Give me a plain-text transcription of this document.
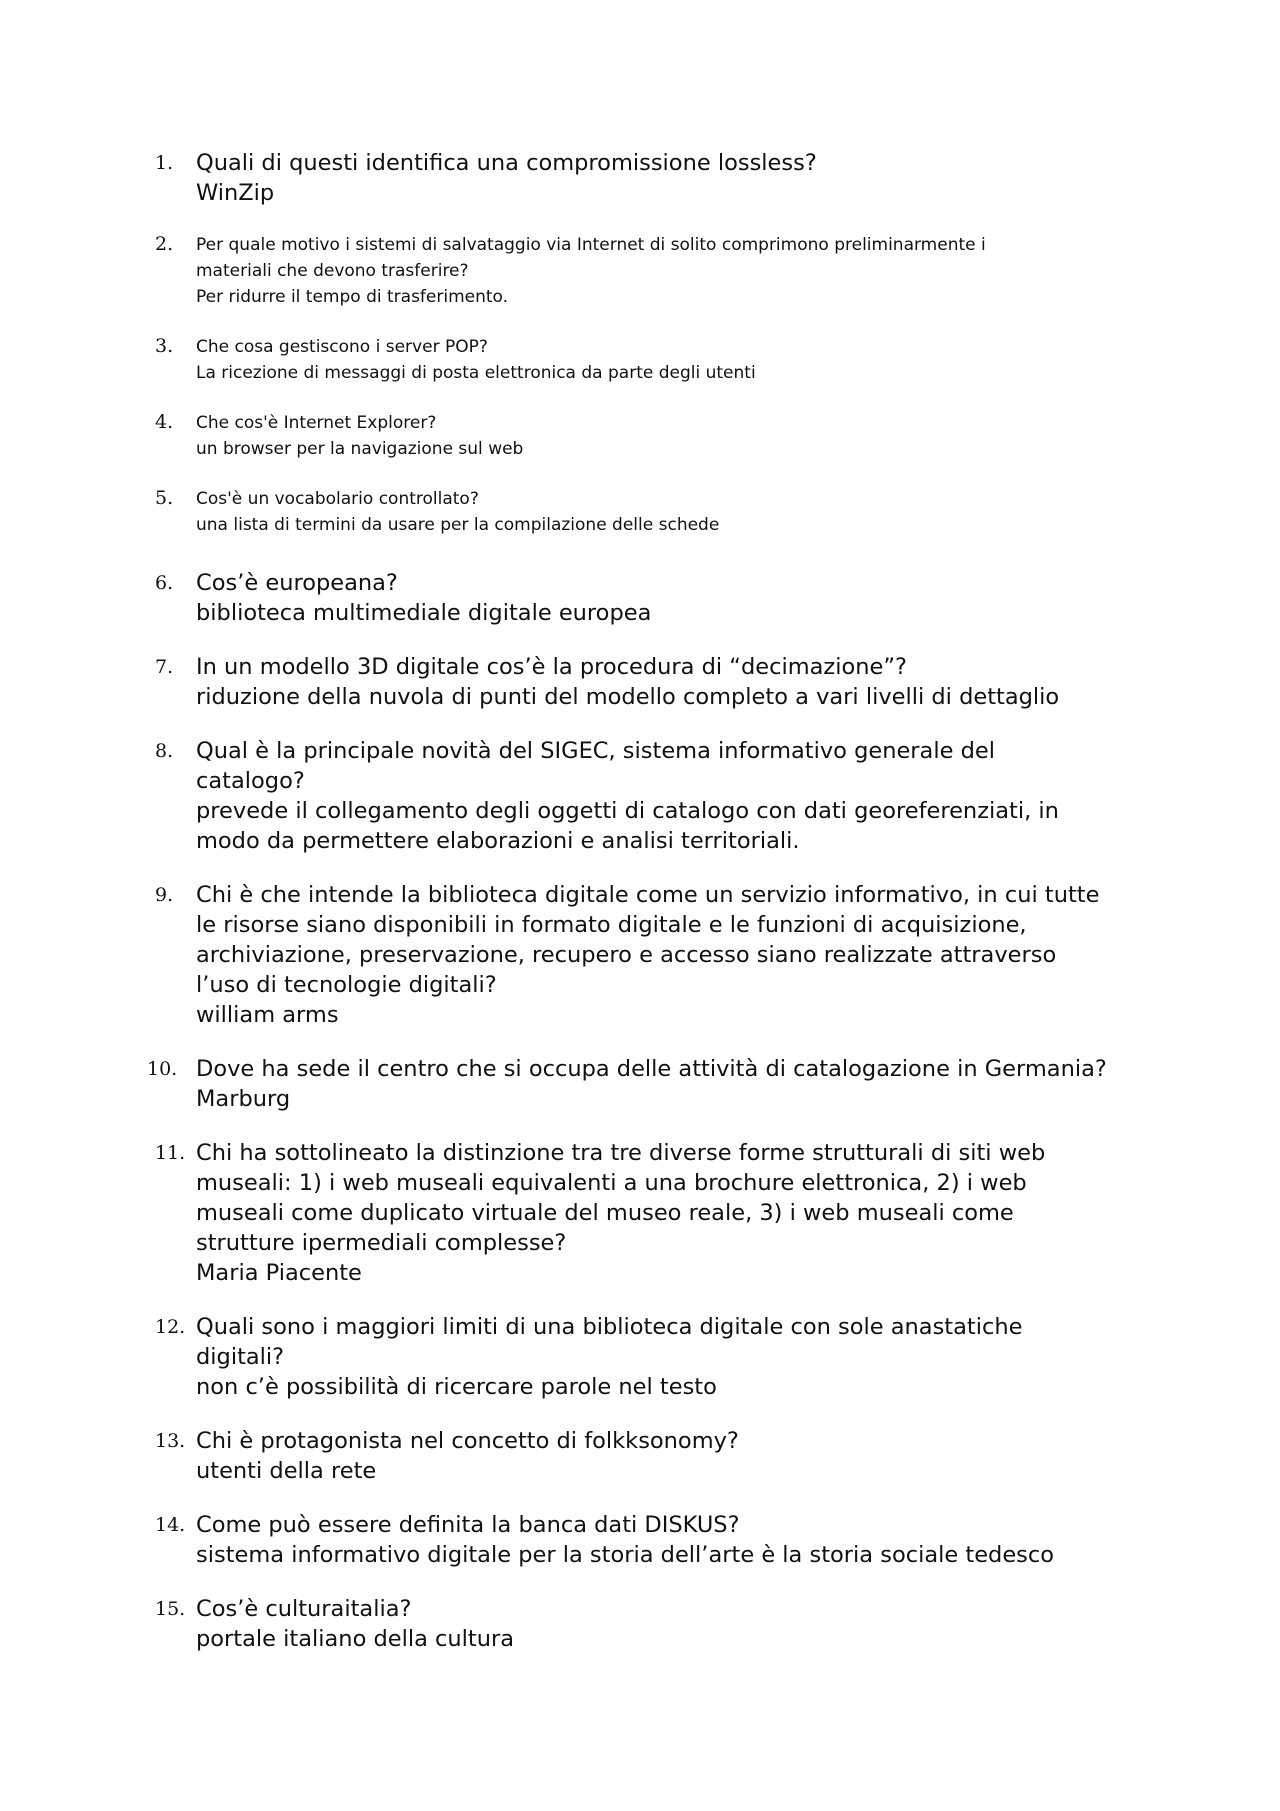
1. Quali di questi identifica una compromissione lossless?
WinZip
2. Per quale motivo i sistemi di salvataggio via Internet di solito comprimono preliminarmente i
materiali che devono trasferire?
Per ridurre il tempo di trasferimento.
3. Che cosa gestiscono i server POP?
La ricezione di messaggi di posta elettronica da parte degli utenti
4. Che cos'è Internet Explorer?
un browser per la navigazione sul web
5. Cos'è un vocabolario controllato?
una lista di termini da usare per la compilazione delle schede
6. Cos’è europeana?
biblioteca multimediale digitale europea
7. In un modello 3D digitale cos’è la procedura di “decimazione”?
riduzione della nuvola di punti del modello completo a vari livelli di dettaglio
8. Qual è la principale novità del SIGEC, sistema informativo generale del
catalogo?
prevede il collegamento degli oggetti di catalogo con dati georeferenziati, in
modo da permettere elaborazioni e analisi territoriali.
9. Chi è che intende la biblioteca digitale come un servizio informativo, in cui tutte
le risorse siano disponibili in formato digitale e le funzioni di acquisizione,
archiviazione, preservazione, recupero e accesso siano realizzate attraverso
l’uso di tecnologie digitali?
william arms
10. Dove ha sede il centro che si occupa delle attività di catalogazione in Germania?
Marburg
11. Chi ha sottolineato la distinzione tra tre diverse forme strutturali di siti web
museali: 1) i web museali equivalenti a una brochure elettronica, 2) i web
museali come duplicato virtuale del museo reale, 3) i web museali come
strutture ipermediali complesse?
Maria Piacente
12. Quali sono i maggiori limiti di una biblioteca digitale con sole anastatiche
digitali?
non c’è possibilità di ricercare parole nel testo
13. Chi è protagonista nel concetto di folkksonomy?
utenti della rete
14. Come può essere definita la banca dati DISKUS?
sistema informativo digitale per la storia dell’arte è la storia sociale tedesco
15. Cos’è culturaitalia?
portale italiano della cultura
